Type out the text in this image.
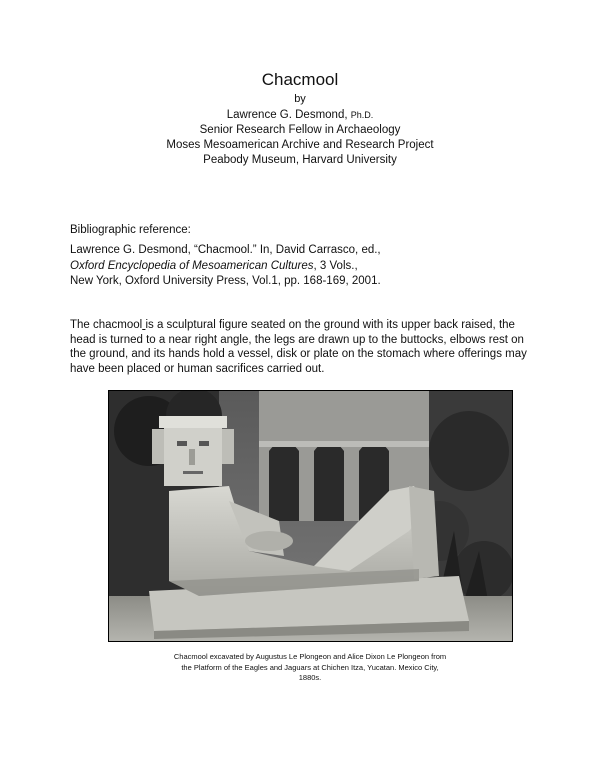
Chacmool
by
Lawrence G. Desmond, Ph.D.
Senior Research Fellow in Archaeology
Moses Mesoamerican Archive and Research Project
Peabody Museum, Harvard University
Bibliographic reference:
Lawrence G. Desmond, “Chacmool.” In, David Carrasco, ed.,
Oxford Encyclopedia of Mesoamerican Cultures, 3 Vols.,
New York, Oxford University Press, Vol.1, pp. 168-169, 2001.
The chacmool is a sculptural figure seated on the ground with its upper back raised, the head is turned to a near right angle, the legs are drawn up to the buttocks, elbows rest on the ground, and its hands hold a vessel, disk or plate on the stomach where offerings may have been placed or human sacrifices carried out.
Chacmool excavated by Augustus Le Plongeon and Alice Dixon Le Plongeon from
the Platform of the Eagles and Jaguars at Chichen Itza, Yucatan. Mexico City,
1880s.
